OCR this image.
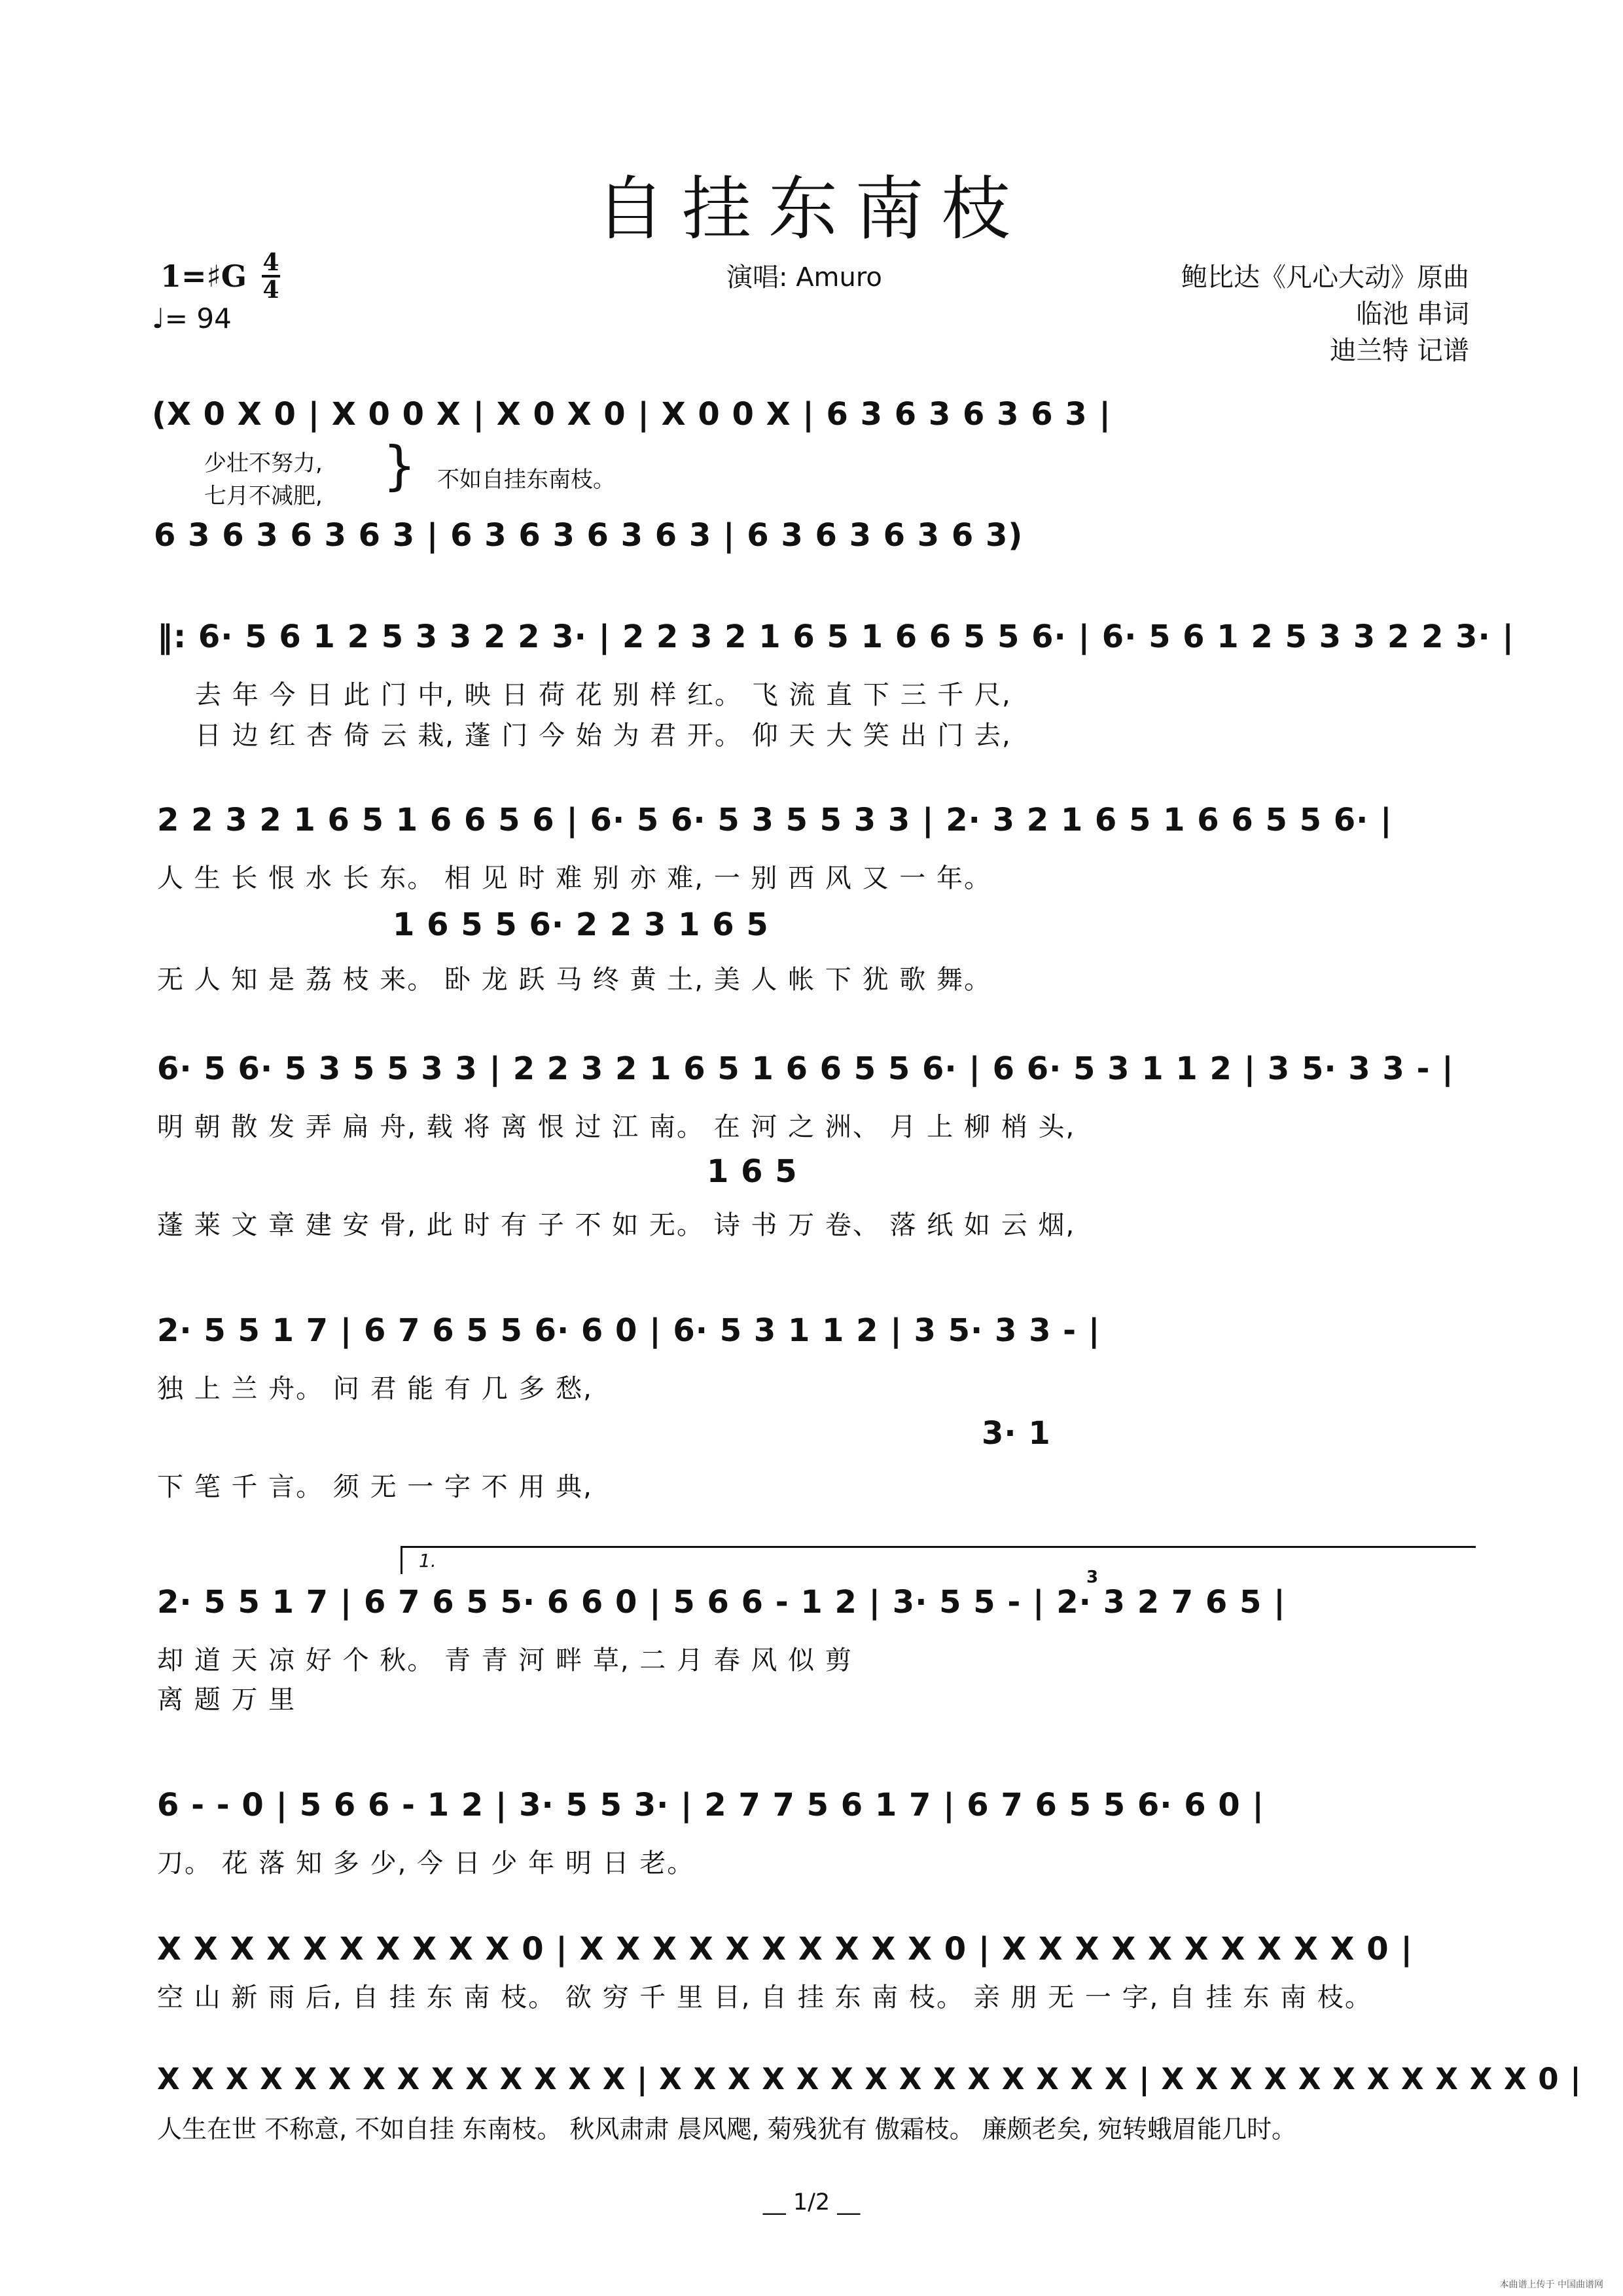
自挂东南枝
1=♯G 4
4
♩= 94
演唱: Amuro	鲍比达《凡心大动》原曲
临池 串词
迪兰特 记谱
(X 0 X 0 | X 0 0 X | X 0 X 0 | X 0 0 X | 6 3 6 3 6 3 6 3 |
少壮不努力,
七月不减肥, } 不如自挂东南枝。
6 3 6 3 6 3 6 3 | 6 3 6 3 6 3 6 3 | 6 3 6 3 6 3 6 3)
‖: 6· 5 6 1 2 5 3 3 2 2 3· | 2 2 3 2 1 6 5 1 6 6 5 5 6· | 6· 5 6 1 2 5 3 3 2 2 3· |
去 年 今 日 此 门 中, 映 日 荷 花 别 样 红。 飞 流 直 下 三 千 尺,
日 边 红 杏 倚 云 栽, 蓬 门 今 始 为 君 开。 仰 天 大 笑 出 门 去,
2 2 3 2 1 6 5 1 6 6 5 6 | 6· 5 6· 5 3 5 5 3 3 | 2· 3 2 1 6 5 1 6 6 5 5 6· |
人 生 长 恨 水 长 东。 相 见 时 难 别 亦 难, 一 别 西 风 又 一 年。
1 6 5 5 6· 2 2 3 1 6 5
无 人 知 是 荔 枝 来。 卧 龙 跃 马 终 黄 土, 美 人 帐 下 犹 歌 舞。
6· 5 6· 5 3 5 5 3 3 | 2 2 3 2 1 6 5 1 6 6 5 5 6· | 6 6· 5 3 1 1 2 | 3 5· 3 3 - |
明 朝 散 发 弄 扁 舟, 载 将 离 恨 过 江 南。 在 河 之 洲、 月 上 柳 梢 头,
1 6 5
蓬 莱 文 章 建 安 骨, 此 时 有 子 不 如 无。 诗 书 万 卷、 落 纸 如 云 烟,
2· 5 5 1 7 | 6 7 6 5 5 6· 6 0 | 6· 5 3 1 1 2 | 3 5· 3 3 - |
独 上 兰 舟。 问 君 能 有 几 多 愁,
3· 1
下 笔 千 言。 须 无 一 字 不 用 典,
1.
3
2· 5 5 1 7 | 6 7 6 5 5· 6 6 0 | 5 6 6 - 1 2 | 3· 5 5 - | 2· 3 2 7 6 5 |
却 道 天 凉 好 个 秋。 青 青 河 畔 草, 二 月 春 风 似 剪
离 题 万 里
6 - - 0 | 5 6 6 - 1 2 | 3· 5 5 3· | 2 7 7 5 6 1 7 | 6 7 6 5 5 6· 6 0 |
刀。 花 落 知 多 少, 今 日 少 年 明 日 老。
X X X X X X X X X X 0 | X X X X X X X X X X 0 | X X X X X X X X X X 0 |
空 山 新 雨 后, 自 挂 东 南 枝。 欲 穷 千 里 目, 自 挂 东 南 枝。 亲 朋 无 一 字, 自 挂 东 南 枝。
X X X X X X X X X X X X X X | X X X X X X X X X X X X X X | X X X X X X X X X X X 0 |
人生在世 不称意, 不如自挂 东南枝。 秋风肃肃 晨风飔, 菊残犹有 傲霜枝。 廉颇老矣, 宛转蛾眉能几时。
__ 1/2 __
本曲谱上传于 中国曲谱网
